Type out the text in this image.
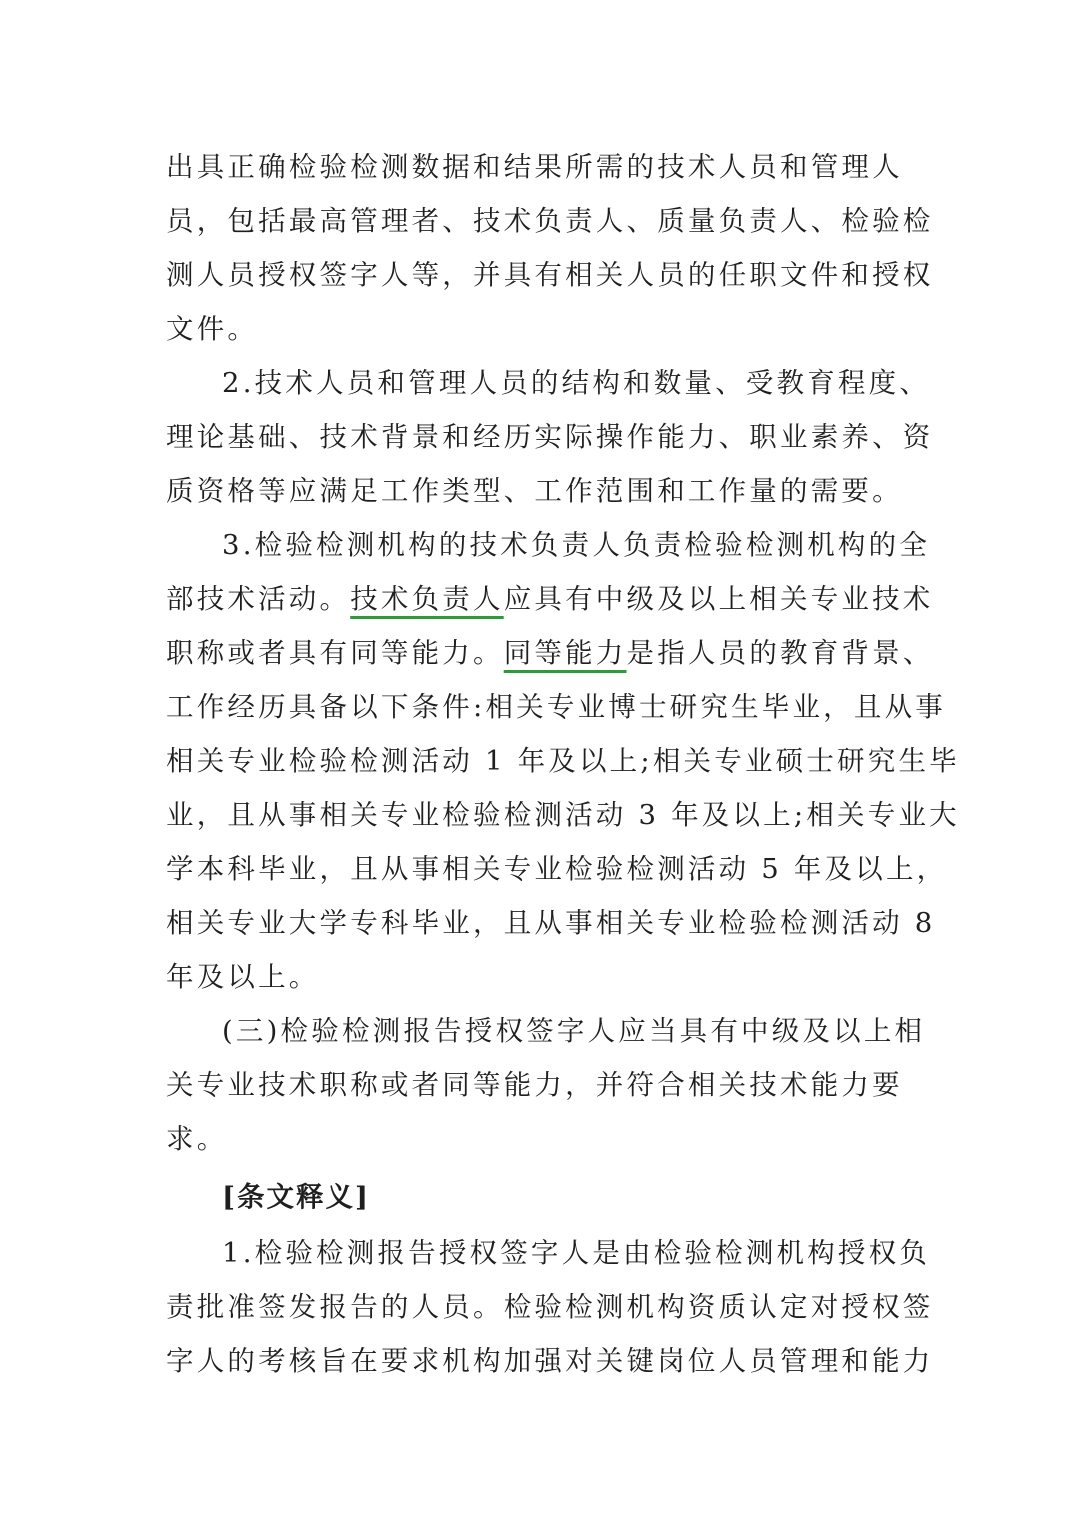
出具正确检验检测数据和结果所需的技术人员和管理人
员，包括最高管理者、技术负责人、质量负责人、检验检
测人员授权签字人等，并具有相关人员的任职文件和授权
文件。
2.技术人员和管理人员的结构和数量、受教育程度、
理论基础、技术背景和经历实际操作能力、职业素养、资
质资格等应满足工作类型、工作范围和工作量的需要。
3.检验检测机构的技术负责人负责检验检测机构的全
部技术活动。技术负责人应具有中级及以上相关专业技术
职称或者具有同等能力。同等能力是指人员的教育背景、
工作经历具备以下条件:相关专业博士研究生毕业，且从事
相关专业检验检测活动 1 年及以上;相关专业硕士研究生毕
业，且从事相关专业检验检测活动 3 年及以上;相关专业大
学本科毕业，且从事相关专业检验检测活动 5 年及以上，
相关专业大学专科毕业，且从事相关专业检验检测活动 8
年及以上。
(三)检验检测报告授权签字人应当具有中级及以上相
关专业技术职称或者同等能力，并符合相关技术能力要
求。
[条文释义]
1.检验检测报告授权签字人是由检验检测机构授权负
责批准签发报告的人员。检验检测机构资质认定对授权签
字人的考核旨在要求机构加强对关键岗位人员管理和能力
